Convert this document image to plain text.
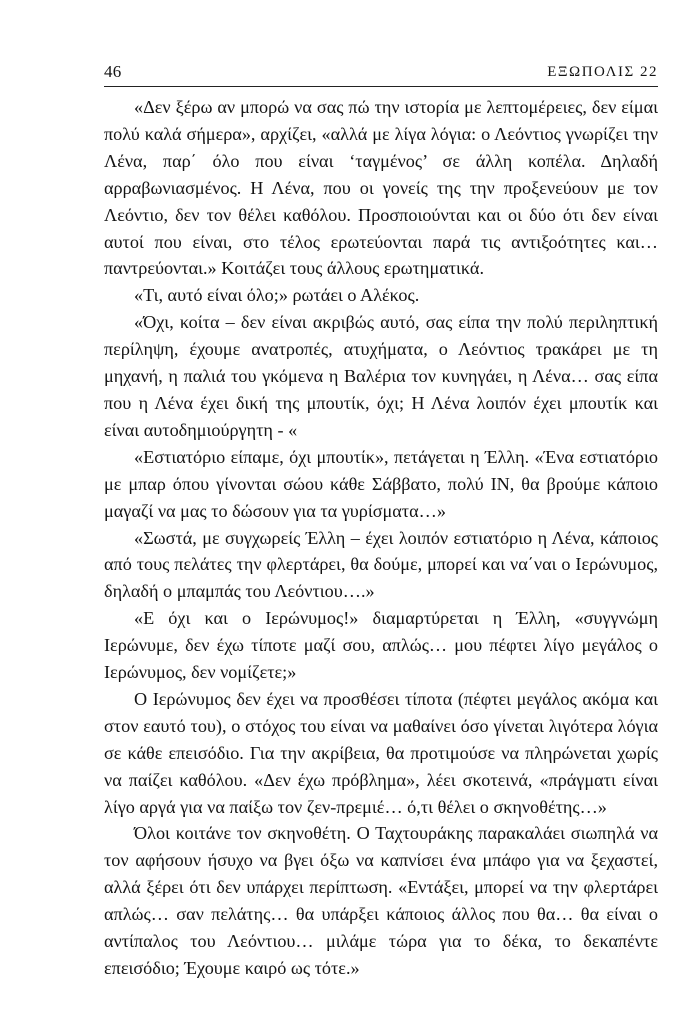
46	ΕΞΩΠΟΛΙΣ 22

«Δεν ξέρω αν μπορώ να σας πώ την ιστορία με λεπτομέρειες, δεν είμαι πολύ καλά σήμερα», αρχίζει, «αλλά με λίγα λόγια: ο Λεόντιος γνωρίζει την Λένα, παρ΄ όλο που είναι ‘ταγμένος’ σε άλλη κοπέλα. Δηλαδή αρραβωνιασμένος. Η Λένα, που οι γονείς της την προξενεύουν με τον Λεόντιο, δεν τον θέλει καθόλου. Προσποιούνται και οι δύο ότι δεν είναι αυτοί που είναι, στο τέλος ερωτεύονται παρά τις αντιξοότητες και… παντρεύονται.» Κοιτάζει τους άλλους ερωτηματικά.

«Τι, αυτό είναι όλο;» ρωτάει ο Αλέκος.

«Όχι, κοίτα – δεν είναι ακριβώς αυτό, σας είπα την πολύ περιληπτική περίληψη, έχουμε ανατροπές, ατυχήματα, ο Λεόντιος τρακάρει με τη μηχανή, η παλιά του γκόμενα η Βαλέρια τον κυνηγάει, η Λένα… σας είπα που η Λένα έχει δική της μπουτίκ, όχι; Η Λένα λοιπόν έχει μπουτίκ και είναι αυτοδημιούργητη - «

«Εστιατόριο είπαμε, όχι μπουτίκ», πετάγεται η Έλλη. «Ένα εστιατόριο με μπαρ όπου γίνονται σώου κάθε Σάββατο, πολύ ΙΝ, θα βρούμε κάποιο μαγαζί να μας το δώσουν για τα γυρίσματα…»

«Σωστά, με συγχωρείς Έλλη – έχει λοιπόν εστιατόριο η Λένα, κάποιος από τους πελάτες την φλερτάρει, θα δούμε, μπορεί και να΄ναι ο Ιερώνυμος, δηλαδή ο μπαμπάς του Λεόντιου….»

«Ε όχι και ο Ιερώνυμος!» διαμαρτύρεται η Έλλη, «συγγνώμη Ιερώνυμε, δεν έχω τίποτε μαζί σου, απλώς… μου πέφτει λίγο μεγάλος ο Ιερώνυμος, δεν νομίζετε;»

Ο Ιερώνυμος δεν έχει να προσθέσει τίποτα (πέφτει μεγάλος ακόμα και στον εαυτό του), ο στόχος του είναι να μαθαίνει όσο γίνεται λιγότερα λόγια σε κάθε επεισόδιο. Για την ακρίβεια, θα προτιμούσε να πληρώνεται χωρίς να παίζει καθόλου. «Δεν έχω πρόβλημα», λέει σκοτεινά, «πράγματι είναι λίγο αργά για να παίξω τον ζεν-πρεμιέ… ό,τι θέλει ο σκηνοθέτης…»

Όλοι κοιτάνε τον σκηνοθέτη. Ο Ταχτουράκης παρακαλάει σιωπηλά να τον αφήσουν ήσυχο να βγει όξω να καπνίσει ένα μπάφο για να ξεχαστεί, αλλά ξέρει ότι δεν υπάρχει περίπτωση. «Εντάξει, μπορεί να την φλερτάρει απλώς… σαν πελάτης… θα υπάρξει κάποιος άλλος που θα… θα είναι ο αντίπαλος του Λεόντιου… μιλάμε τώρα για το δέκα, το δεκαπέντε επεισόδιο; Έχουμε καιρό ως τότε.»
